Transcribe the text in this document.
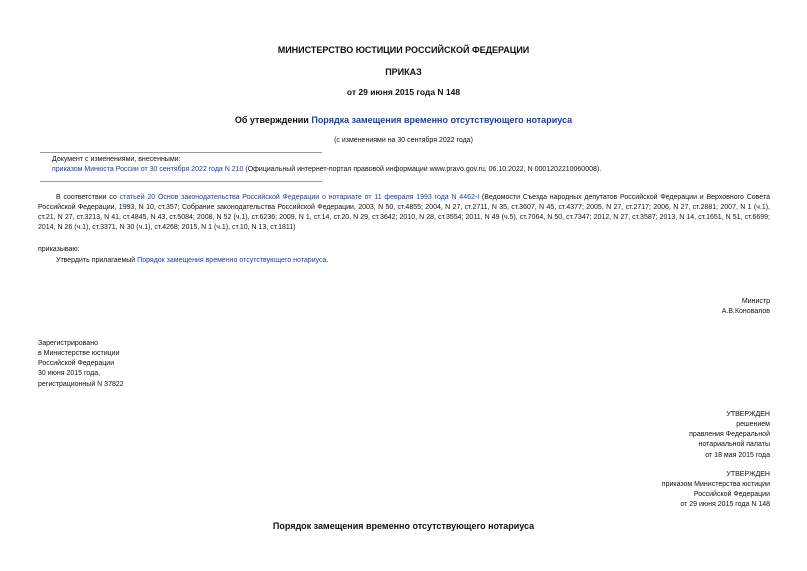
МИНИСТЕРСТВО ЮСТИЦИИ РОССИЙСКОЙ ФЕДЕРАЦИИ
ПРИКАЗ
от 29 июня 2015 года N 148
Об утверждении Порядка замещения временно отсутствующего нотариуса
(с изменениями на 30 сентября 2022 года)
Документ с изменениями, внесенными:
приказом Минюста России от 30 сентября 2022 года N 210 (Официальный интернет-портал правовой информации www.pravo.gov.ru, 06.10.2022, N 0001202210060008).
В соответствии со статьей 20 Основ законодательства Российской Федерации о нотариате от 11 февраля 1993 года N 4462-I (Ведомости Съезда народных депутатов Российской Федерации и Верховного Совета Российской Федерации, 1993, N 10, ст.357; Собрание законодательства Российской Федерации, 2003, N 50, ст.4855; 2004, N 27, ст.2711, N 35, ст.3607, N 45, ст.4377; 2005, N 27, ст.2717; 2006, N 27, ст.2881; 2007, N 1 (ч.1), ст.21, N 27, ст.3213, N 41, ст.4845, N 43, ст.5084; 2008, N 52 (ч.1), ст.6236; 2009, N 1, ст.14, ст.20, N 29, ст.3642; 2010, N 28, ст.3554; 2011, N 49 (ч.5), ст.7064, N 50, ст.7347; 2012, N 27, ст.3587; 2013, N 14, ст.1651, N 51, ст.6699; 2014, N 26 (ч.1), ст.3371, N 30 (ч.1), ст.4268; 2015, N 1 (ч.1), ст.10, N 13, ст.1811)
приказываю:
Утвердить прилагаемый Порядок замещения временно отсутствующего нотариуса.
Министр
А.В.Коновалов
Зарегистрировано
в Министерстве юстиции
Российской Федерации
30 июня 2015 года,
регистрационный N 37822
УТВЕРЖДЕН
решением
правления Федеральной
нотариальной палаты
от 18 мая 2015 года
УТВЕРЖДЕН
приказом Министерства юстиции
Российской Федерации
от 29 июня 2015 года N 148
Порядок замещения временно отсутствующего нотариуса
